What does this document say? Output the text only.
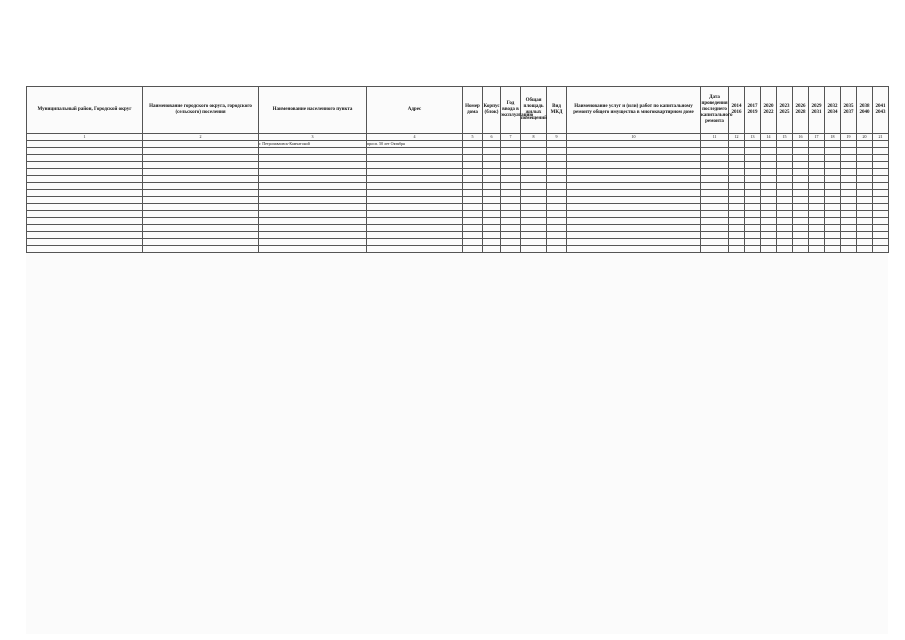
Муниципальный район, Городской округ	Наименование городского округа, городского (сельского) поселения	Наименование населенного пункта	Адрес	Номер дома	Корпус (блок)	Год ввода в эксплуатацию	Общая площадь жилых помещений	Вид МКД	Наименование услуг и (или) работ по капитальному ремонту общего имущества в многоквартирном доме	Дата проведения последнего капитального ремонта	2014 2016	2017 2019	2020 2022	2023 2025	2026 2028	2029 2031	2032 2034	2035 2037	2038 2040	2041 2043
1	2	3	4	5	6	7	8	9	10	11	12	13	14	15	16	17	18	19	20	21
		г. Петропавловск-Камчатский	просп. 50 лет Октября																	
